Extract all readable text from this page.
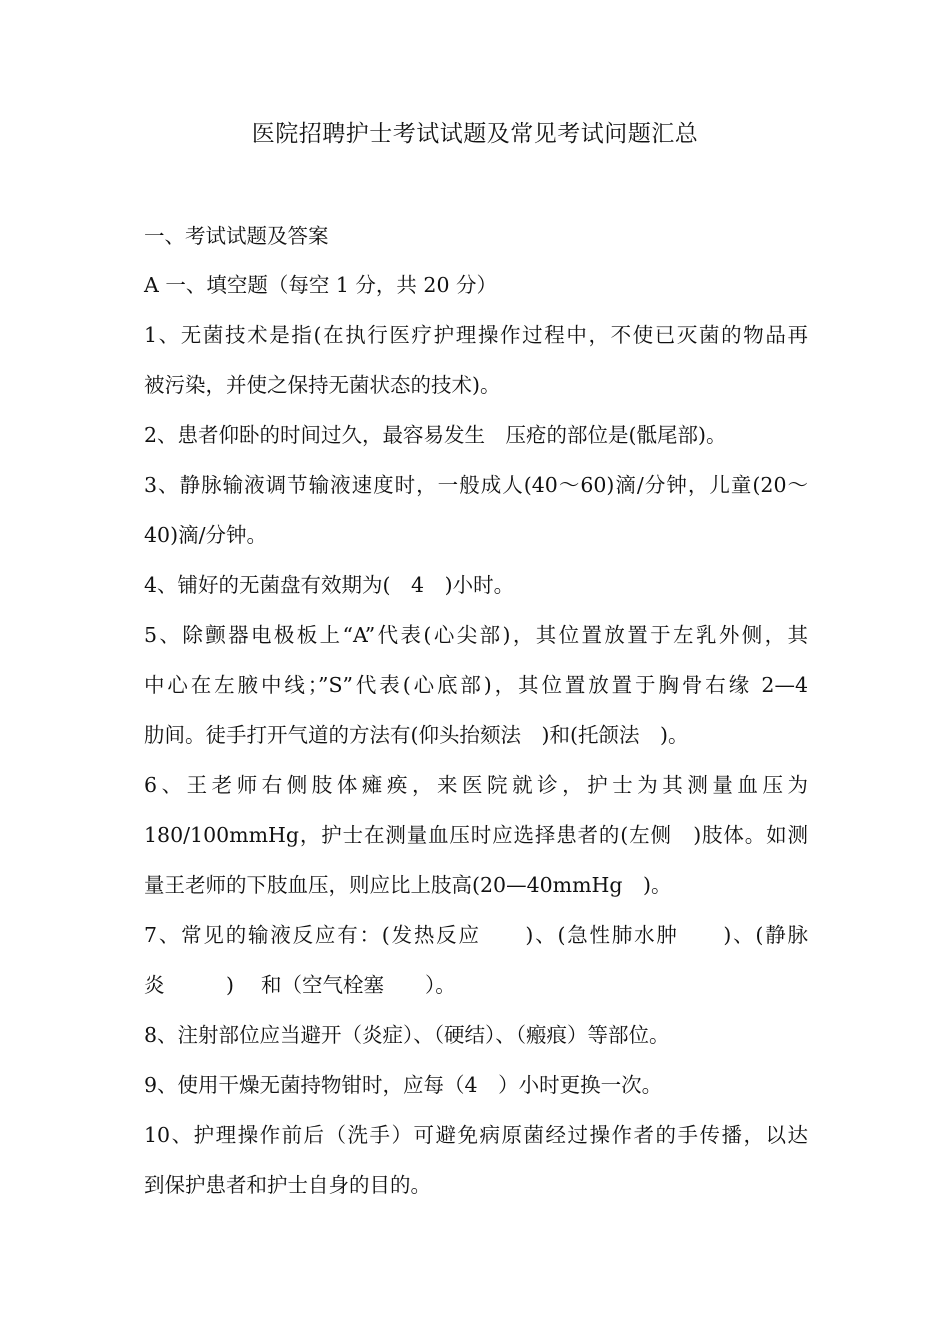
医院招聘护士考试试题及常见考试问题汇总
一、考试试题及答案
A 一、填空题（每空 1 分，共 20 分）
1、无菌技术是指(在执行医疗护理操作过程中，不使已灭菌的物品再
被污染，并使之保持无菌状态的技术)。
2、患者仰卧的时间过久，最容易发生　压疮的部位是(骶尾部)。
3、静脉输液调节输液速度时，一般成人(40～60)滴/分钟，儿童(20～
40)滴/分钟。
4、铺好的无菌盘有效期为(　4　)小时。
5、除颤器电极板上“A”代表(心尖部)，其位置放置于左乳外侧，其
中心在左腋中线；”S”代表(心底部)，其位置放置于胸骨右缘 2—4
肋间。徒手打开气道的方法有(仰头抬颏法　)和(托颌法　)。
6、王老师右侧肢体瘫痪，来医院就诊，护士为其测量血压为
180/100mmHg，护士在测量血压时应选择患者的(左侧　)肢体。如测
量王老师的下肢血压，则应比上肢高(20—40mmHg　)。
7、常见的输液反应有：(发热反应　　)、(急性肺水肿　　)、(静脉
炎　　　)　 和（空气栓塞　　）。
8、注射部位应当避开（炎症）、（硬结）、（瘢痕）等部位。
9、使用干燥无菌持物钳时，应每（4　）小时更换一次。
10、护理操作前后（洗手）可避免病原菌经过操作者的手传播，以达
到保护患者和护士自身的目的。
